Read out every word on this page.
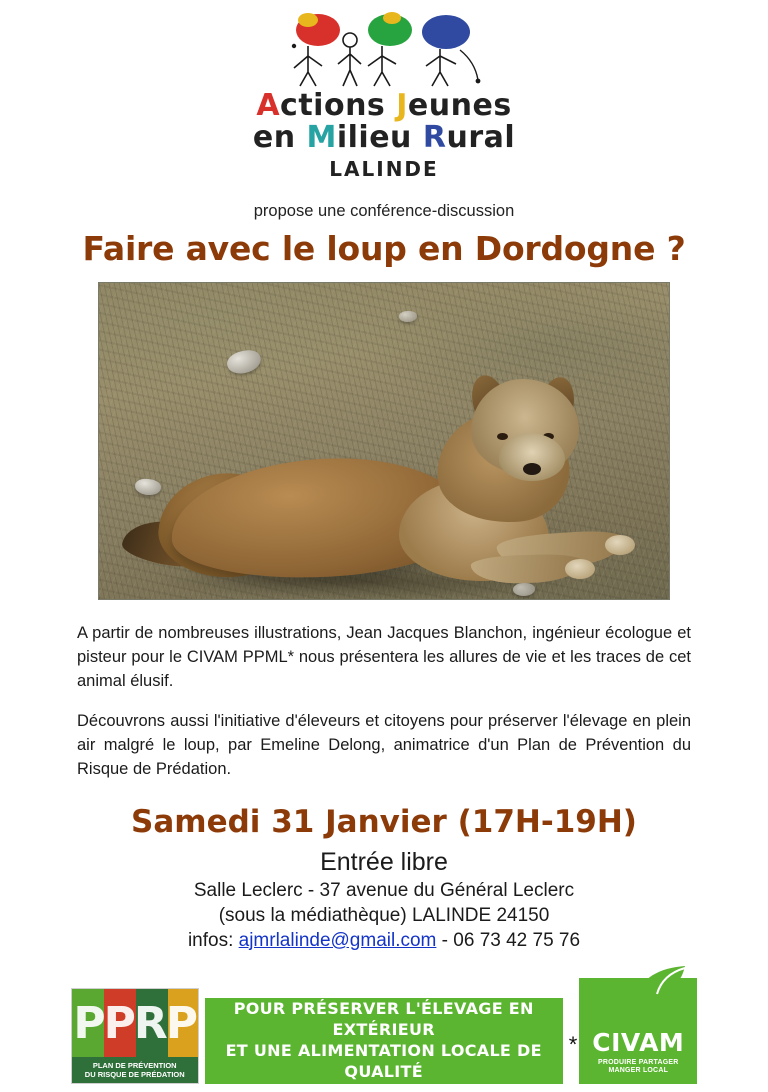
Actions Jeunes
en Milieu Rural
LALINDE
propose une conférence-discussion
Faire avec le loup en Dordogne ?

A partir de nombreuses illustrations, Jean Jacques Blanchon, ingénieur écologue et pisteur pour le CIVAM PPML* nous présentera les allures de vie et les traces de cet animal élusif.

Découvrons aussi l'initiative d'éleveurs et citoyens pour préserver l'élevage en plein air malgré le loup, par Emeline Delong, animatrice d'un Plan de Prévention du Risque de Prédation.

Samedi 31 Janvier (17H-19H)
Entrée libre
Salle Leclerc - 37 avenue du Général Leclerc
(sous la médiathèque) LALINDE 24150
infos: ajmrlalinde@gmail.com - 06 73 42 75 76
PPRP
PLAN DE PRÉVENTION
DU RISQUE DE PRÉDATION
POUR PRÉSERVER L'ÉLEVAGE EN EXTÉRIEUR
ET UNE ALIMENTATION LOCALE DE QUALITÉ
* CIVAM
PRODUIRE PARTAGER
MANGER LOCAL
